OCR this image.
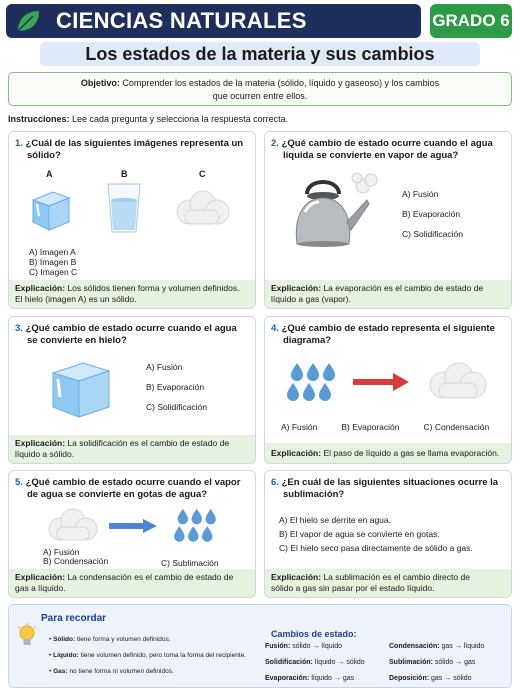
CIENCIAS NATURALES	GRADO 6
Los estados de la materia y sus cambios
Objetivo: Comprender los estados de la materia (sólido, líquido y gaseoso) y los cambios
que ocurren entre ellos.
Instrucciones: Lee cada pregunta y selecciona la respuesta correcta.
1. ¿Cuál de las siguientes imágenes representa un
sólido?
A	B	C
A) Imagen A
B) Imagen B
C) Imagen C
Explicación: Los sólidos tienen forma y volumen definidos.
El hielo (imagen A) es un sólido.
2. ¿Qué cambio de estado ocurre cuando el agua
líquida se convierte en vapor de agua?
A) Fusión
B) Evaporación
C) Solidificación
Explicación: La evaporación es el cambio de estado de
líquido a gas (vapor).
3. ¿Qué cambio de estado ocurre cuando el agua
se convierte en hielo?
A) Fusión
B) Evaporación
C) Solidificación
Explicación: La solidificación es el cambio de estado de
líquido a sólido.
4. ¿Qué cambio de estado representa el siguiente
diagrama?
A) Fusión	B) Evaporación	C) Condensación
Explicación: El paso de líquido a gas se llama evaporación.
5. ¿Qué cambio de estado ocurre cuando el vapor
de agua se convierte en gotas de agua?
A) Fusión
B) Condensación	C) Sublimación
Explicación: La condensación es el cambio de estado de
gas a líquido.
6. ¿En cuál de las siguientes situaciones ocurre la
sublimación?
A) El hielo se derrite en agua.
B) El vapor de agua se convierte en gotas.
C) El hielo seco pasa directamente de sólido a gas.
Explicación: La sublimación es el cambio directo de
sólido a gas sin pasar por el estado líquido.
Para recordar
• Sólido: tiene forma y volumen definidos.
• Líquido: tiene volumen definido, pero toma la forma del recipiente.
• Gas: no tiene forma ni volumen definidos.
Cambios de estado:
Fusión: sólido → líquido	Condensación: gas → líquido
Solidificación: líquido → sólido	Sublimación: sólido → gas
Evaporación: líquido → gas	Deposición: gas → sólido
